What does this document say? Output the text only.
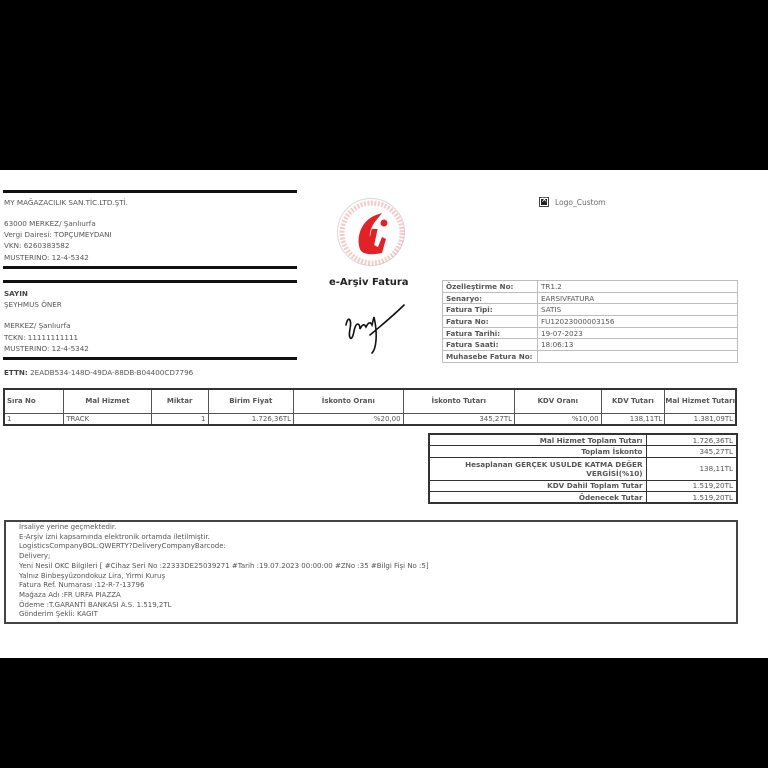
MY MAĞAZACILIK SAN.TİC.LTD.ŞTİ.
63000 MERKEZ/ Şanlıurfa
Vergi Dairesi: TOPÇUMEYDANI
VKN: 6260383582
MUSTERINO: 12-4-5342
SAYIN
ŞEYHMUS ÖNER
MERKEZ/ Şanlıurfa
TCKN: 11111111111
MUSTERINO: 12-4-5342
ETTN: 2EADB534-148D-49DA-88DB-B04400CD7796
e-Arşiv Fatura
×
Logo_Custom
Özelleştirme No:	TR1.2
Senaryo:	EARSIVFATURA
Fatura Tipi:	SATIS
Fatura No:	FU12023000003156
Fatura Tarihi:	19-07-2023
Fatura Saati:	18:06:13
Muhasebe Fatura No:	
Sıra No	Mal Hizmet	Miktar	Birim Fiyat	İskonto Oranı	İskonto Tutarı	KDV Oranı	KDV Tutarı	Mal Hizmet Tutarı
1	TRACK	1	1.726,36TL	%20,00	345,27TL	%10,00	138,11TL	1.381,09TL
Mal Hizmet Toplam Tutarı	1.726,36TL
Toplam İskonto	345,27TL
Hesaplanan GERÇEK USULDE KATMA DEĞER VERGİSİ(%10)	138,11TL
KDV Dahil Toplam Tutar	1.519,20TL
Ödenecek Tutar	1.519,20TL
İrsaliye yerine geçmektedir.
E-Arşiv izni kapsamında elektronik ortamda iletilmiştir.
LogisticsCompanyBOL:QWERTY?DeliveryCompanyBarcode:
Delivery;
Yeni Nesil OKC Bilgileri [ #Cihaz Seri No :22333DE25039271 #Tarih :19.07.2023 00:00:00 #ZNo :35 #Bilgi Fişi No :5]
Yalnız Binbeşyüzondokuz Lira, Yirmi Kuruş
Fatura Ref. Numarası :12-R-7-13796
Mağaza Adı :FR URFA PIAZZA
Ödeme :T.GARANTİ BANKASI A.S. 1.519,2TL
Gönderim Şekli: KAGIT
